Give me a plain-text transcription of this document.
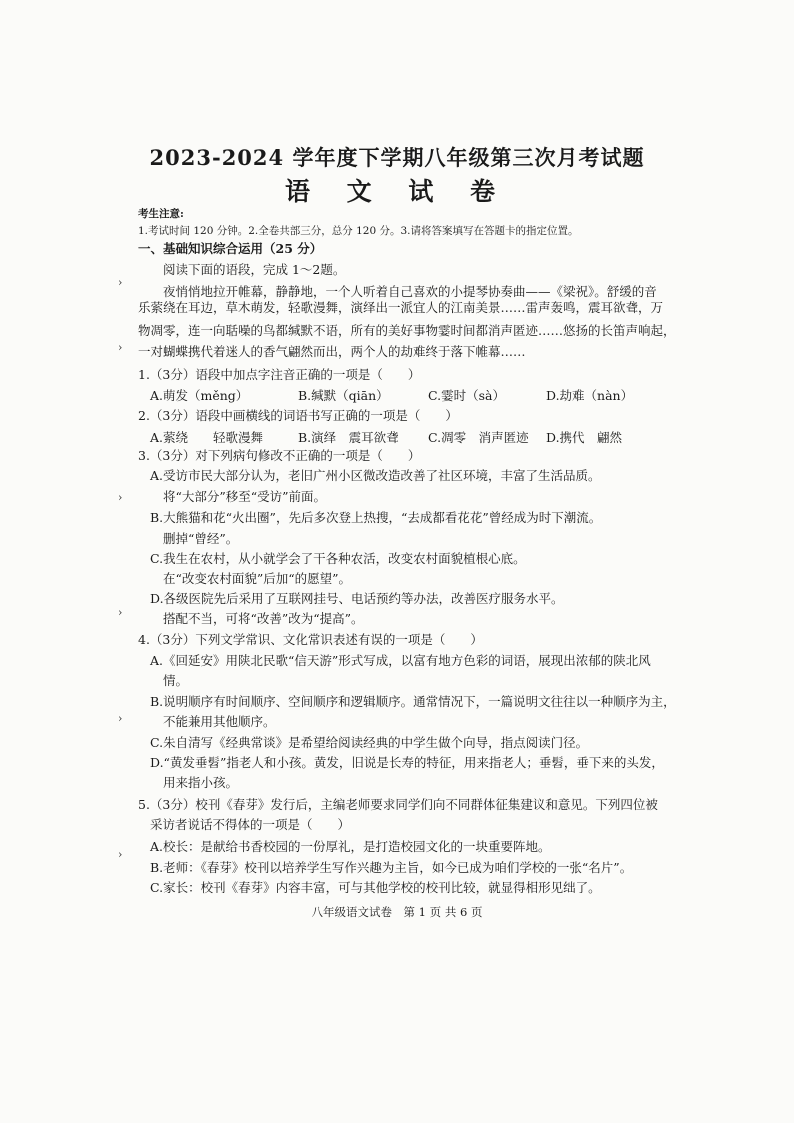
2023-2024 学年度下学期八年级第三次月考试题
语 文 试 卷
考生注意:
1.考试时间 120 分钟。2.全卷共部三分，总分 120 分。3.请将答案填写在答题卡的指定位置。
一、基础知识综合运用（25 分）
阅读下面的语段，完成 1～2题。
夜悄悄地拉开帷幕，静静地，一个人听着自己喜欢的小提琴协奏曲——《梁祝》。舒缓的音
乐萦绕在耳边，草木萌发，轻歌漫舞，演绎出一派宜人的江南美景……雷声轰鸣，震耳欲聋，万
物凋零，连一向聒噪的鸟都缄默不语，所有的美好事物霎时间都消声匿迹……悠扬的长笛声响起，
一对蝴蝶携代着迷人的香气翩然而出，两个人的劫难终于落下帷幕……
1.（3分）语段中加点字注音正确的一项是（　　）
A.萌发（měng）	B.缄默（qiān）	C.霎时（sà）	D.劫难（nàn）
2.（3分）语段中画横线的词语书写正确的一项是（　　）
A.萦绕　　轻歌漫舞	B.演绎　震耳欲聋 C.凋零　消声匿迹 D.携代　翩然
3.（3分）对下列病句修改不正确的一项是（　　）
A.受访市民大部分认为，老旧广州小区微改造改善了社区环境，丰富了生活品质。
将“大部分”移至“受访”前面。
B.大熊猫和花“火出圈”，先后多次登上热搜，“去成都看花花”曾经成为时下潮流。
删掉“曾经”。
C.我生在农村，从小就学会了干各种农活，改变农村面貌植根心底。
在“改变农村面貌”后加“的愿望”。
D.各级医院先后采用了互联网挂号、电话预约等办法，改善医疗服务水平。
搭配不当，可将“改善”改为“提高”。
4.（3分）下列文学常识、文化常识表述有误的一项是（　　）
A.《回延安》用陕北民歌“信天游”形式写成，以富有地方色彩的词语，展现出浓郁的陕北风
情。
B.说明顺序有时间顺序、空间顺序和逻辑顺序。通常情况下，一篇说明文往往以一种顺序为主，
不能兼用其他顺序。
C.朱自清写《经典常谈》是希望给阅读经典的中学生做个向导，指点阅读门径。
D.“黄发垂髫”指老人和小孩。黄发，旧说是长寿的特征，用来指老人；垂髫，垂下来的头发，
用来指小孩。
5.（3分）校刊《春芽》发行后，主编老师要求同学们向不同群体征集建议和意见。下列四位被
采访者说话不得体的一项是（　　）
A.校长：是献给书香校园的一份厚礼，是打造校园文化的一块重要阵地。
B.老师：《春芽》校刊以培养学生写作兴趣为主旨，如今已成为咱们学校的一张“名片”。
C.家长：校刊《春芽》内容丰富，可与其他学校的校刊比较，就显得相形见绌了。
八年级语文试卷　第 1 页 共 6 页
›
›
›
›
›
›
